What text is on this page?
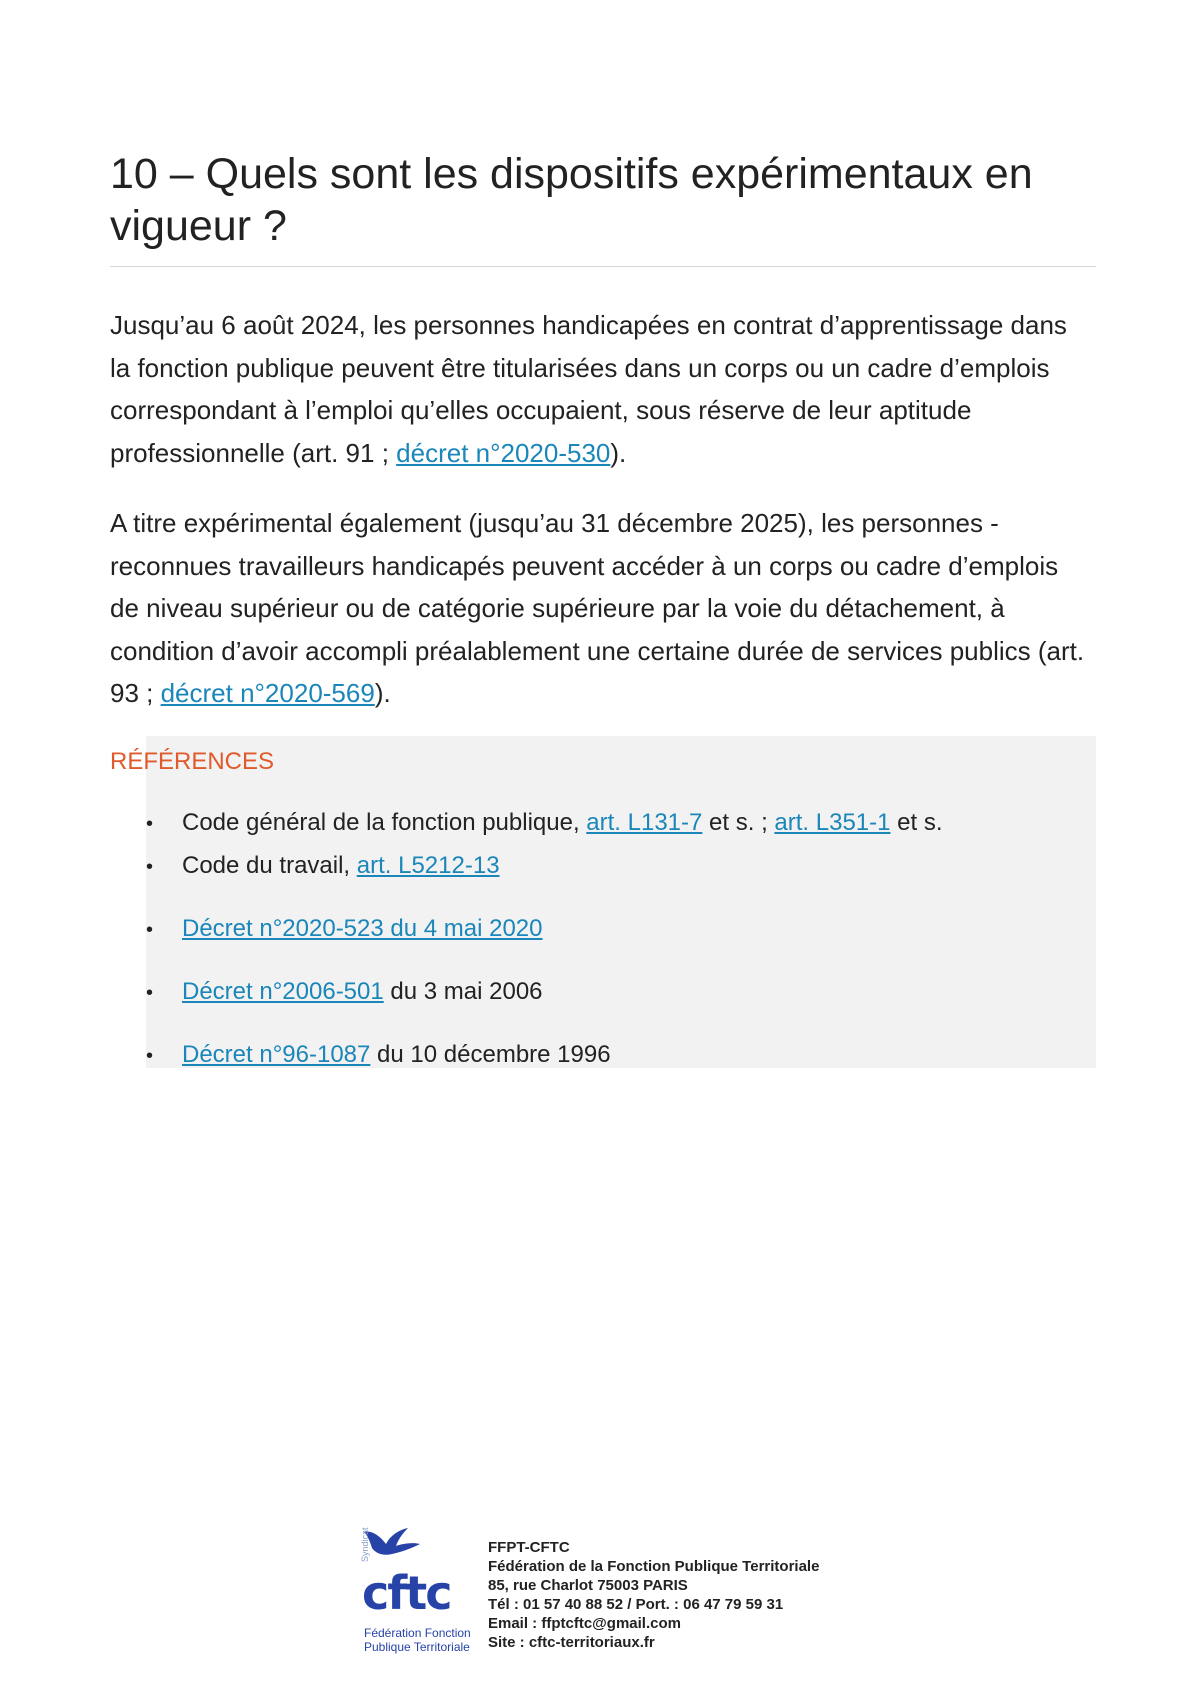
10 – Quels sont les dispositifs expérimentaux en vigueur ?

Jusqu’au 6 août 2024, les personnes handicapées en contrat d’apprentissage dans la fonction publique peuvent être titularisées dans un corps ou un cadre d’emplois correspondant à l’emploi qu’elles occupaient, sous réserve de leur aptitude professionnelle (art. 91 ; décret n°2020-530).

A titre expérimental également (jusqu’au 31 décembre 2025), les personnes - reconnues travailleurs handicapés peuvent accéder à un corps ou cadre d’emplois de niveau supérieur ou de catégorie supérieure par la voie du détachement, à condition d’avoir accompli préalablement une certaine durée de services publics (art. 93 ; décret n°2020-569).

RÉFÉRENCES
• Code général de la fonction publique, art. L131-7 et s. ; art. L351-1 et s.
• Code du travail, art. L5212-13
• Décret n°2020-523 du 4 mai 2020
• Décret n°2006-501 du 3 mai 2006
• Décret n°96-1087 du 10 décembre 1996
Syndicat
cftc
Fédération Fonction
Publique Territoriale
FFPT-CFTC
Fédération de la Fonction Publique Territoriale
85, rue Charlot 75003 PARIS
Tél : 01 57 40 88 52 / Port. : 06 47 79 59 31
Email : ffptcftc@gmail.com
Site : cftc-territoriaux.fr
